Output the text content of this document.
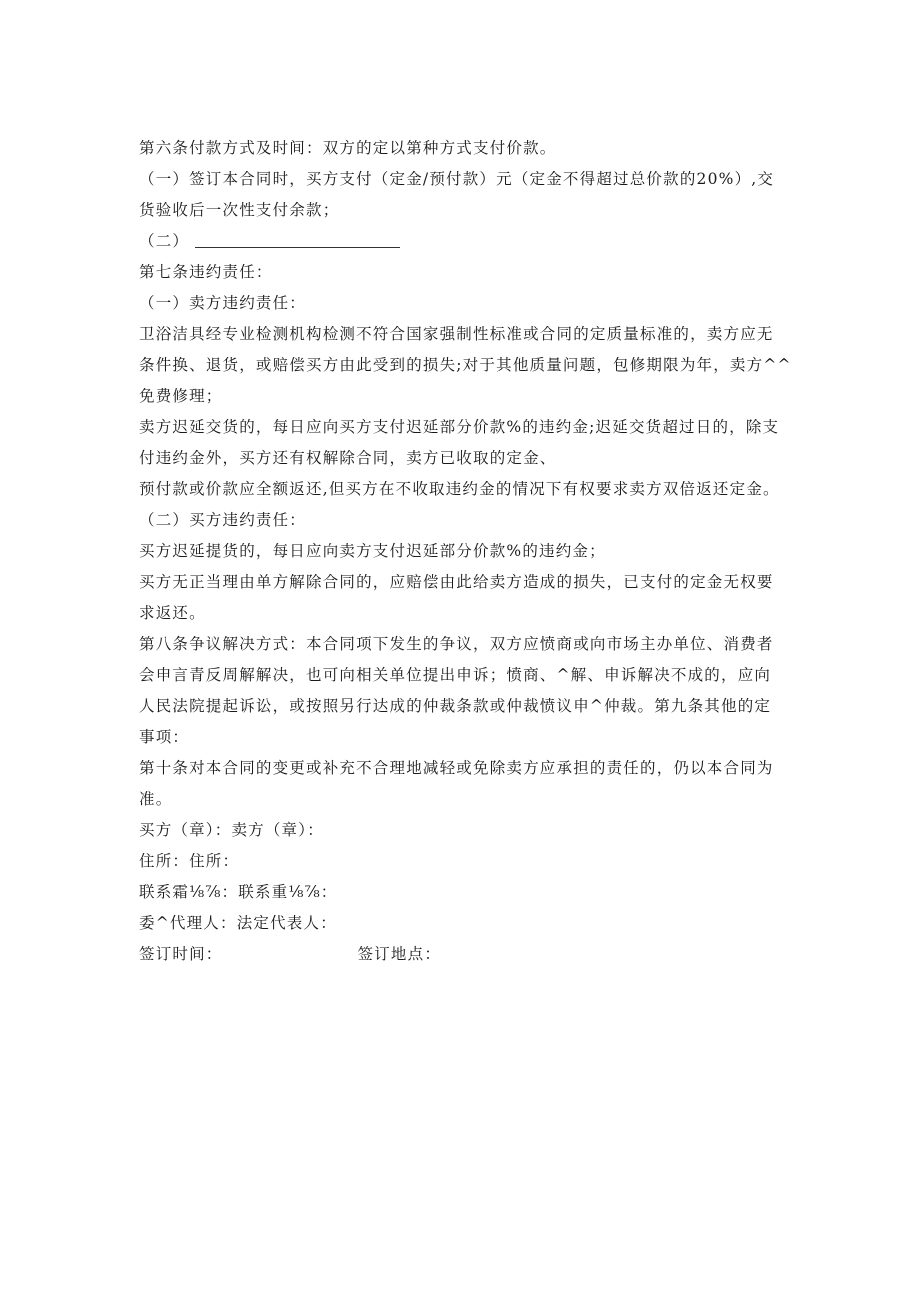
第六条付款方式及时间：双方的定以第种方式支付价款。

（一）签订本合同时，买方支付（定金/预付款）元（定金不得超过总价款的20%）,交

货验收后一次性支付余款；

（二）

第七条违约责任：

（一）卖方违约责任：

卫浴洁具经专业检测机构检测不符合国家强制性标准或合同的定质量标准的，卖方应无

条件换、退货，或赔偿买方由此受到的损失;对于其他质量问题，包修期限为年，卖方^^

免费修理；

卖方迟延交货的，每日应向买方支付迟延部分价款%的违约金;迟延交货超过日的，除支

付违约金外，买方还有权解除合同，卖方已收取的定金、

预付款或价款应全额返还,但买方在不收取违约金的情况下有权要求卖方双倍返还定金。

（二）买方违约责任：

买方迟延提货的，每日应向卖方支付迟延部分价款%的违约金；

买方无正当理由单方解除合同的，应赔偿由此给卖方造成的损失，已支付的定金无权要

求返还。

第八条争议解决方式：本合同项下发生的争议，双方应愤商或向市场主办单位、消费者

会申言青反周解解决，也可向相关单位提出申诉；愤商、^解、申诉解决不成的，应向

人民法院提起诉讼，或按照另行达成的仲裁条款或仲裁愤议申^仲裁。第九条其他的定

事项：

第十条对本合同的变更或补充不合理地减轻或免除卖方应承担的责任的，仍以本合同为

准。

买方（章）：卖方（章）：

住所：住所：

联系霜⅛⅞：联系重⅛⅞：

委^代理人：法定代表人：

签订时间：	签订地点：
